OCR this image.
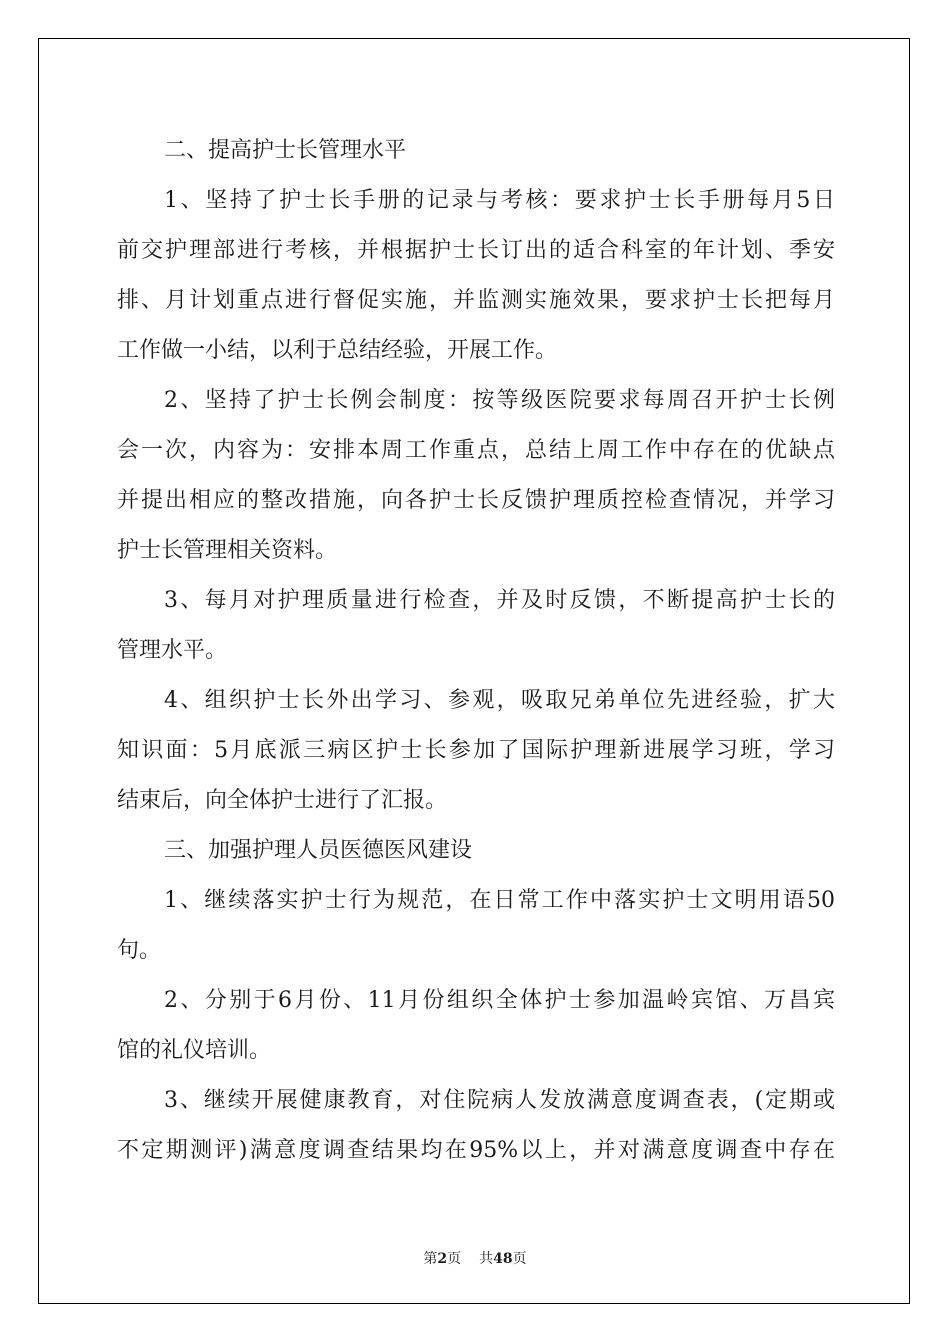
二、提高护士长管理水平
1、坚持了护士长手册的记录与考核：要求护士长手册每月5日
前交护理部进行考核，并根据护士长订出的适合科室的年计划、季安
排、月计划重点进行督促实施，并监测实施效果，要求护士长把每月
工作做一小结，以利于总结经验，开展工作。
2、坚持了护士长例会制度：按等级医院要求每周召开护士长例
会一次，内容为：安排本周工作重点，总结上周工作中存在的优缺点
并提出相应的整改措施，向各护士长反馈护理质控检查情况，并学习
护士长管理相关资料。
3、每月对护理质量进行检查，并及时反馈，不断提高护士长的
管理水平。
4、组织护士长外出学习、参观，吸取兄弟单位先进经验，扩大
知识面：5月底派三病区护士长参加了国际护理新进展学习班，学习
结束后，向全体护士进行了汇报。
三、加强护理人员医德医风建设
1、继续落实护士行为规范，在日常工作中落实护士文明用语50
句。
2、分别于6月份、11月份组织全体护士参加温岭宾馆、万昌宾
馆的礼仪培训。
3、继续开展健康教育，对住院病人发放满意度调查表，(定期或
不定期测评)满意度调查结果均在95%以上，并对满意度调查中存在
第2页 共48页
